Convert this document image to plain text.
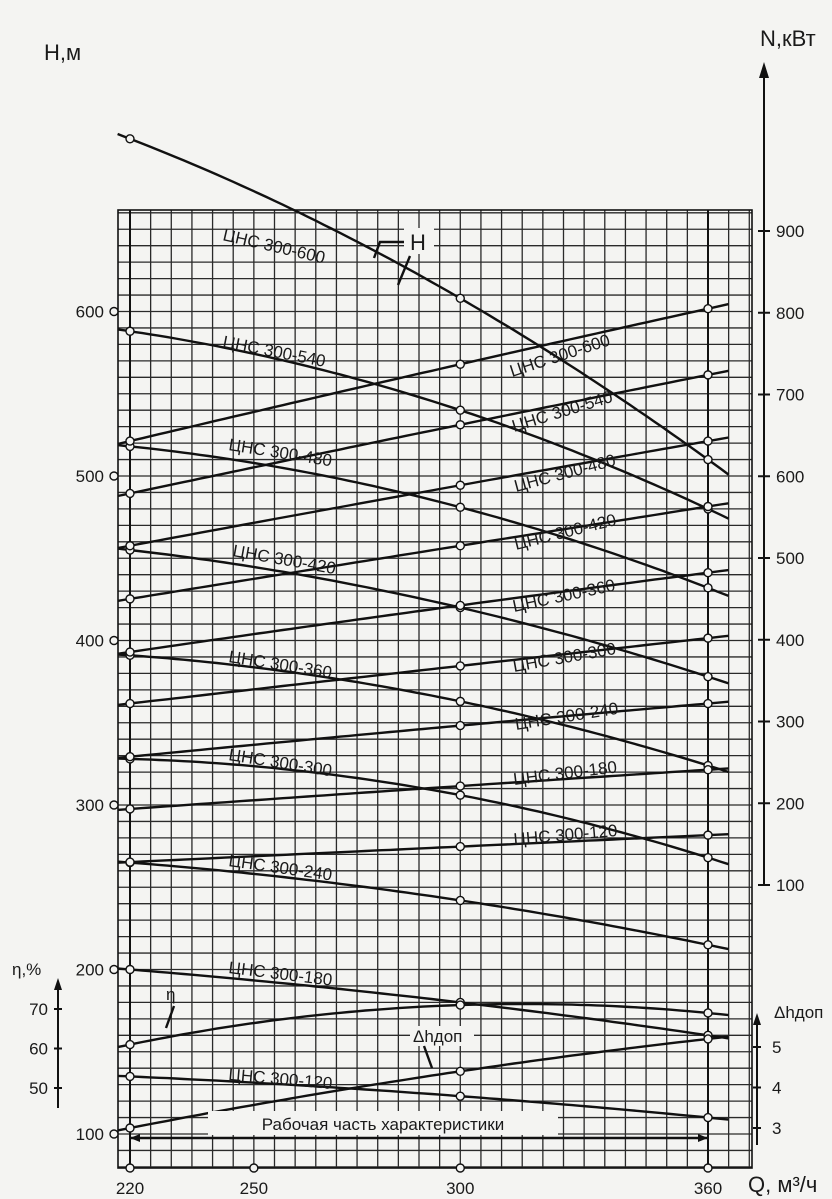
220	250	300	360 Q, м³/ч
100
200
300
400
500
600
H,м
100
200
300
400
500
600
700
800
900
N,кВт
50
60
70
η,%
3
4
5
Δhдоп
ЦНС 300-600
ЦНС 300-540
ЦНС 300-480
ЦНС 300-420
ЦНС 300-360
ЦНС 300-300
ЦНС 300-240
ЦНС 300-180
ЦНС 300-120
ЦНС 300-600
ЦНС 300-540
ЦНС 300-480
ЦНС 300-420
ЦНС 300-360
ЦНС 300-300
ЦНС 300-240
ЦНС 300-180
ЦНС 300-120
H
η
Δhдоп
Рабочая часть характеристики
